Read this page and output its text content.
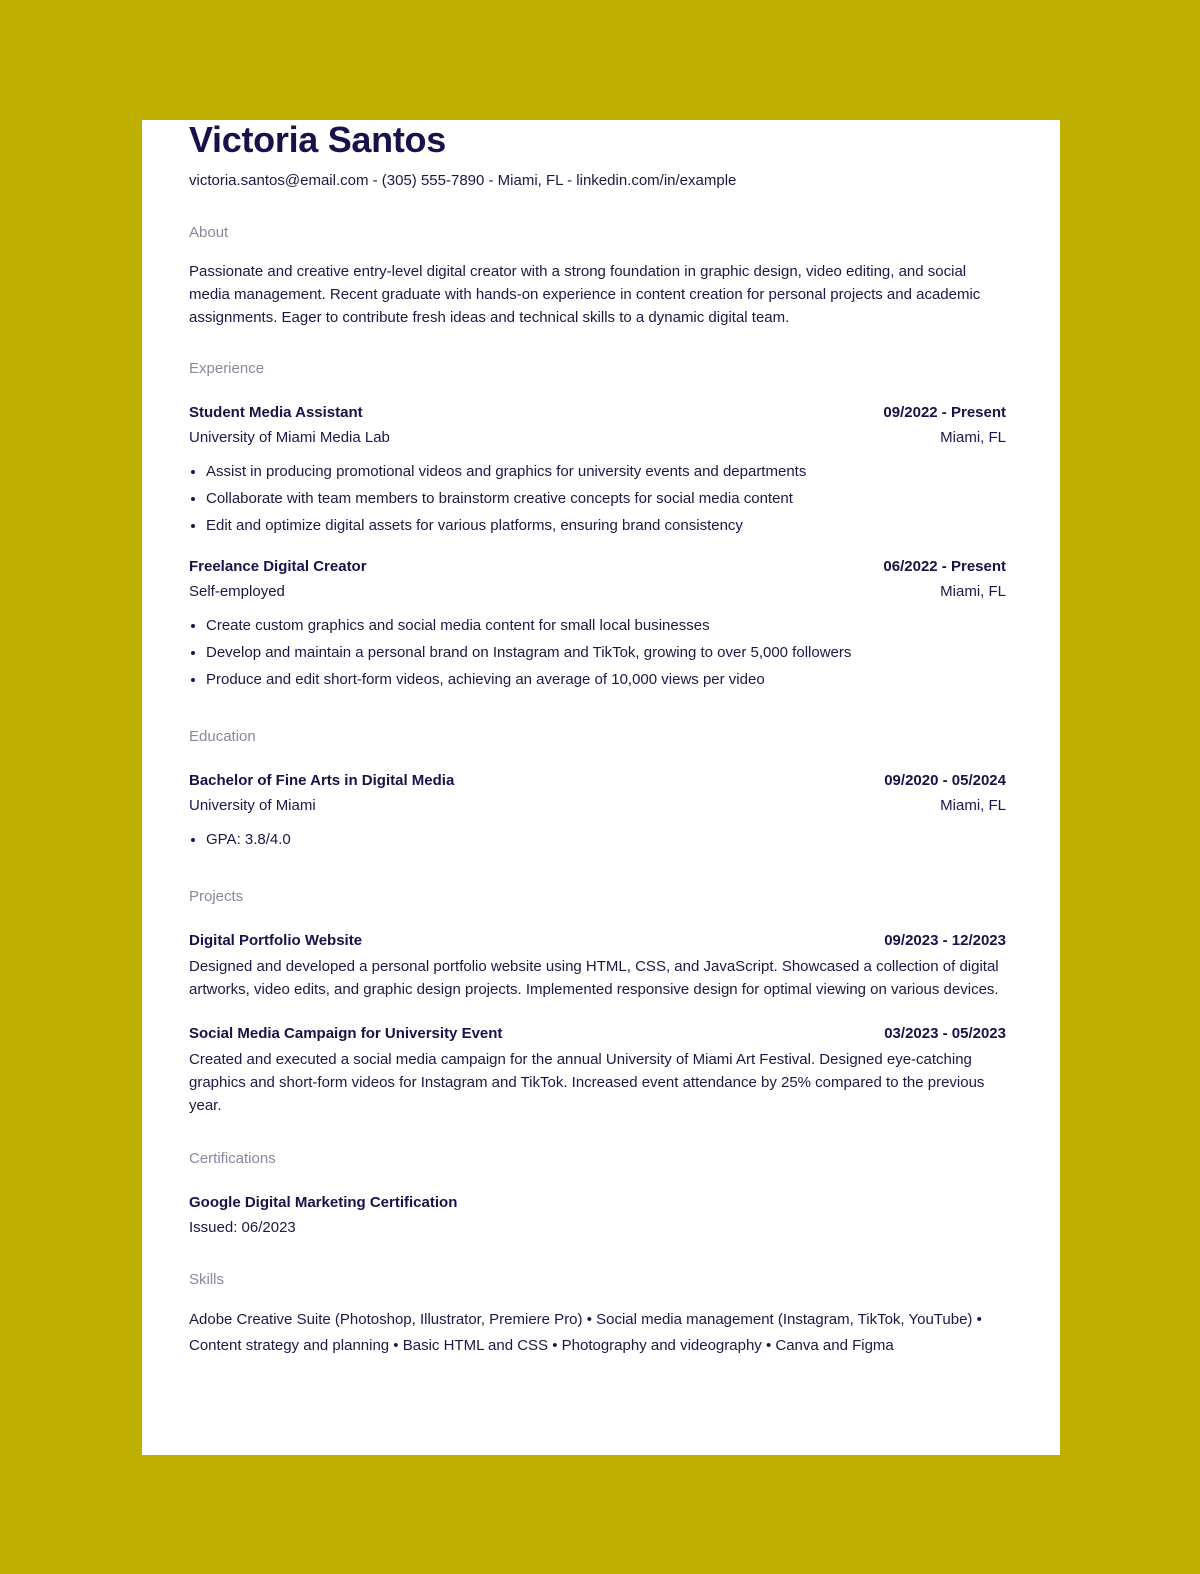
Victoria Santos
victoria.santos@email.com - (305) 555-7890 - Miami, FL - linkedin.com/in/example
About
Passionate and creative entry-level digital creator with a strong foundation in graphic design, video editing, and social media management. Recent graduate with hands-on experience in content creation for personal projects and academic assignments. Eager to contribute fresh ideas and technical skills to a dynamic digital team.
Experience
Student Media Assistant	09/2022 - Present
University of Miami Media Lab	Miami, FL
• Assist in producing promotional videos and graphics for university events and departments
• Collaborate with team members to brainstorm creative concepts for social media content
• Edit and optimize digital assets for various platforms, ensuring brand consistency
Freelance Digital Creator	06/2022 - Present
Self-employed	Miami, FL
• Create custom graphics and social media content for small local businesses
• Develop and maintain a personal brand on Instagram and TikTok, growing to over 5,000 followers
• Produce and edit short-form videos, achieving an average of 10,000 views per video
Education
Bachelor of Fine Arts in Digital Media	09/2020 - 05/2024
University of Miami	Miami, FL
• GPA: 3.8/4.0
Projects
Digital Portfolio Website	09/2023 - 12/2023
Designed and developed a personal portfolio website using HTML, CSS, and JavaScript. Showcased a collection of digital artworks, video edits, and graphic design projects. Implemented responsive design for optimal viewing on various devices.
Social Media Campaign for University Event	03/2023 - 05/2023
Created and executed a social media campaign for the annual University of Miami Art Festival. Designed eye-catching graphics and short-form videos for Instagram and TikTok. Increased event attendance by 25% compared to the previous year.
Certifications
Google Digital Marketing Certification
Issued: 06/2023
Skills
Adobe Creative Suite (Photoshop, Illustrator, Premiere Pro) • Social media management (Instagram, TikTok, YouTube) • Content strategy and planning • Basic HTML and CSS • Photography and videography • Canva and Figma
